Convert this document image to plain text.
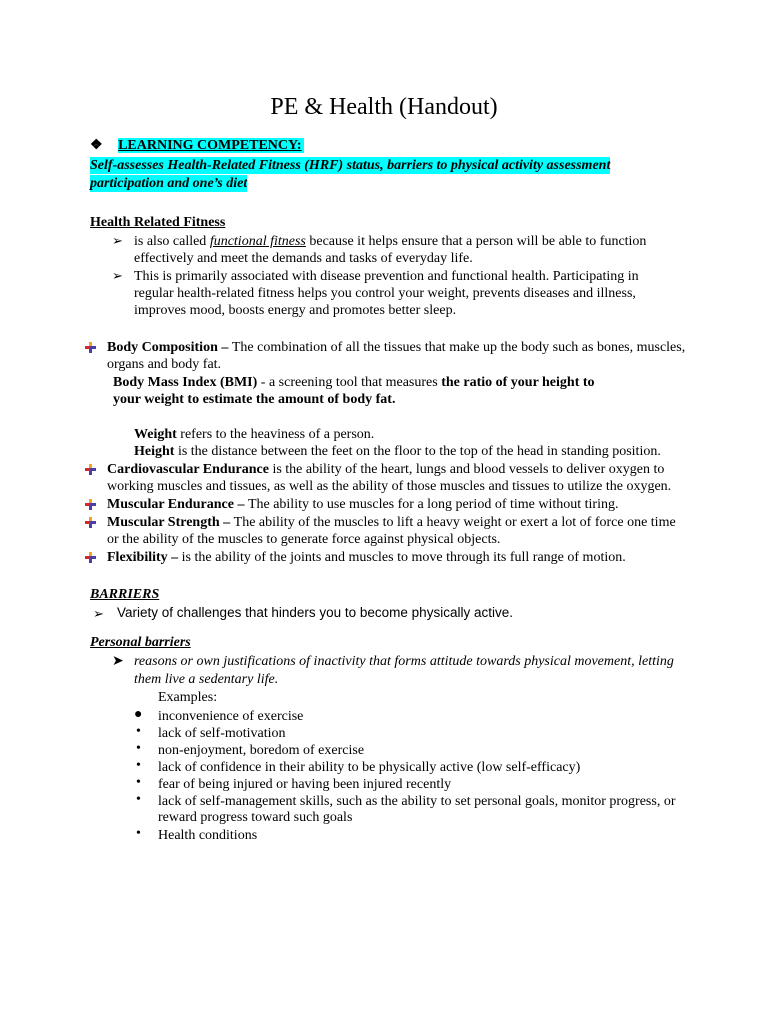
PE & Health (Handout)
❖ LEARNING COMPETENCY:
Self-assesses Health-Related Fitness (HRF) status, barriers to physical activity assessment
participation and one’s diet
Health Related Fitness
➢ is also called functional fitness because it helps ensure that a person will be able to function
effectively and meet the demands and tasks of everyday life.
➢ This is primarily associated with disease prevention and functional health. Participating in
regular health-related fitness helps you control your weight, prevents diseases and illness,
improves mood, boosts energy and promotes better sleep.
Body Composition – The combination of all the tissues that make up the body such as bones, muscles,
organs and body fat.
Body Mass Index (BMI) - a screening tool that measures the ratio of your height to
your weight to estimate the amount of body fat.
Weight refers to the heaviness of a person.
Height is the distance between the feet on the floor to the top of the head in standing position.
Cardiovascular Endurance is the ability of the heart, lungs and blood vessels to deliver oxygen to
working muscles and tissues, as well as the ability of those muscles and tissues to utilize the oxygen.
Muscular Endurance – The ability to use muscles for a long period of time without tiring.
Muscular Strength – The ability of the muscles to lift a heavy weight or exert a lot of force one time
or the ability of the muscles to generate force against physical objects.
Flexibility – is the ability of the joints and muscles to move through its full range of motion.
BARRIERS
➢ Variety of challenges that hinders you to become physically active.
Personal barriers
➤ reasons or own justifications of inactivity that forms attitude towards physical movement, letting
them live a sedentary life.
Examples:
● inconvenience of exercise
• lack of self-motivation
• non-enjoyment, boredom of exercise
• lack of confidence in their ability to be physically active (low self-efficacy)
• fear of being injured or having been injured recently
• lack of self-management skills, such as the ability to set personal goals, monitor progress, or
reward progress toward such goals
• Health conditions
